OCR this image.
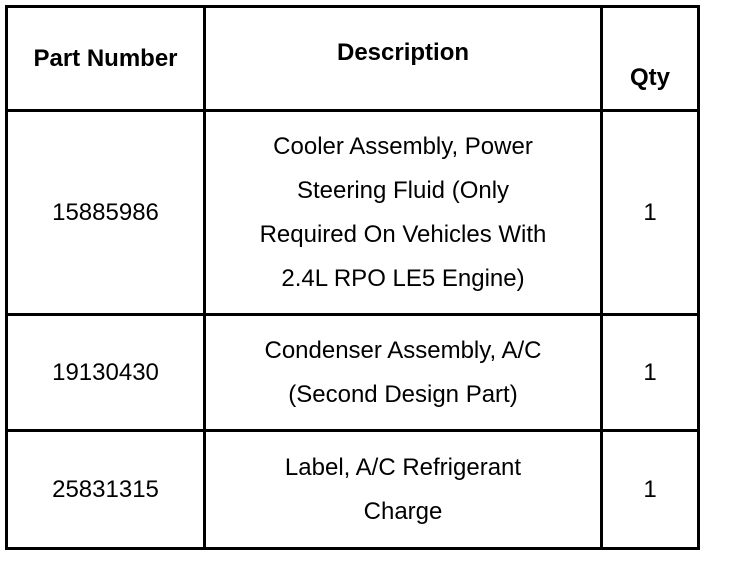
Part Number	Description	Qty
15885986	Cooler Assembly, Power Steering Fluid (Only Required On Vehicles With 2.4L RPO LE5 Engine)	1
19130430	Condenser Assembly, A/C (Second Design Part)	1
25831315	Label, A/C Refrigerant Charge	1
